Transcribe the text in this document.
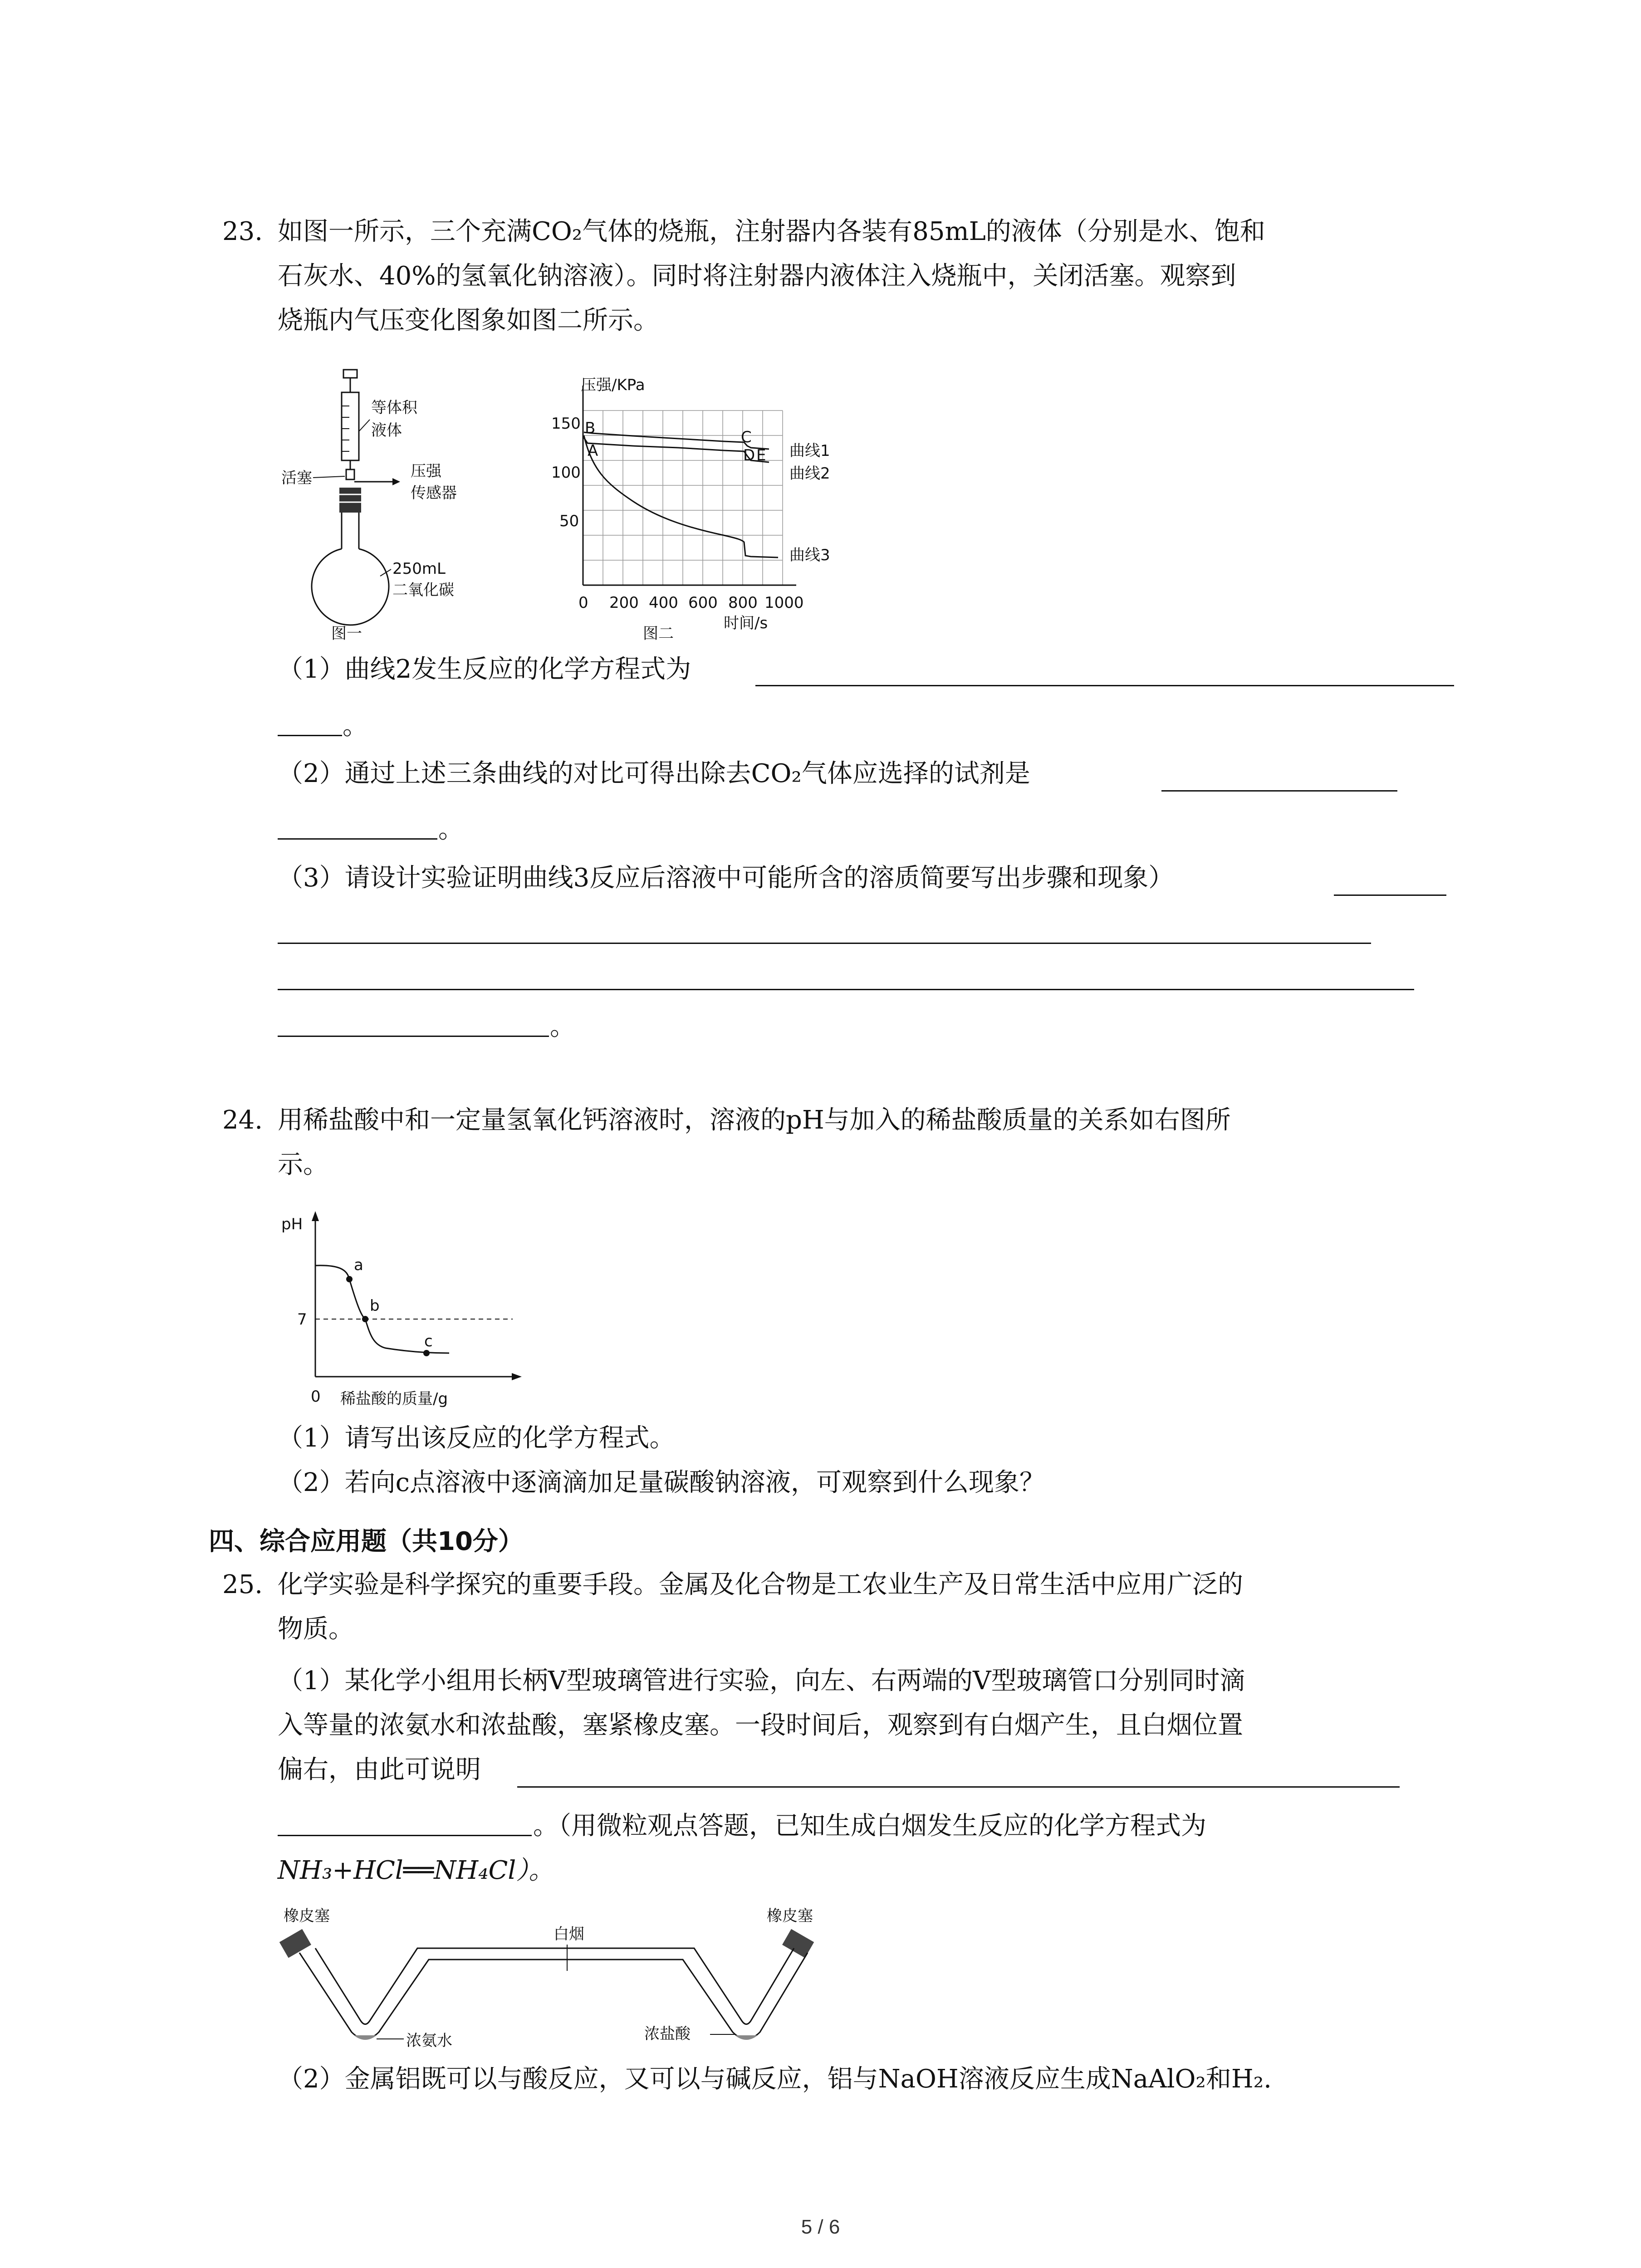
23. 如图一所示，三个充满CO₂气体的烧瓶，注射器内各装有85mL的液体（分别是水、饱和
石灰水、40%的氢氧化钠溶液）。同时将注射器内液体注入烧瓶中，关闭活塞。观察到
烧瓶内气压变化图象如图二所示。
等体积
液体
活塞	压强
传感器
250mL
二氧化碳
图一
压强/KPa
150
100
50
0 200 400 600 800 1000
时间/s
B
A
C
D E 曲线1
曲线2
曲线3
图二
（1）曲线2发生反应的化学方程式为
。
（2）通过上述三条曲线的对比可得出除去CO₂气体应选择的试剂是
。
（3）请设计实验证明曲线3反应后溶液中可能所含的溶质简要写出步骤和现象）
。
24. 用稀盐酸中和一定量氢氧化钙溶液时，溶液的pH与加入的稀盐酸质量的关系如右图所
示。
pH
7
a
b
c
0 稀盐酸的质量/g
（1）请写出该反应的化学方程式。
（2）若向c点溶液中逐滴滴加足量碳酸钠溶液，可观察到什么现象？
四、综合应用题（共10分）
25. 化学实验是科学探究的重要手段。金属及化合物是工农业生产及日常生活中应用广泛的
物质。
（1）某化学小组用长柄V型玻璃管进行实验，向左、右两端的V型玻璃管口分别同时滴
入等量的浓氨水和浓盐酸，塞紧橡皮塞。一段时间后，观察到有白烟产生，且白烟位置
偏右，由此可说明
。（用微粒观点答题，已知生成白烟发生反应的化学方程式为
NH₃+HCl══NH₄Cl）。
橡皮塞	橡皮塞
白烟
浓氨水	浓盐酸
（2）金属铝既可以与酸反应，又可以与碱反应，铝与NaOH溶液反应生成NaAlO₂和H₂.
5 / 6
